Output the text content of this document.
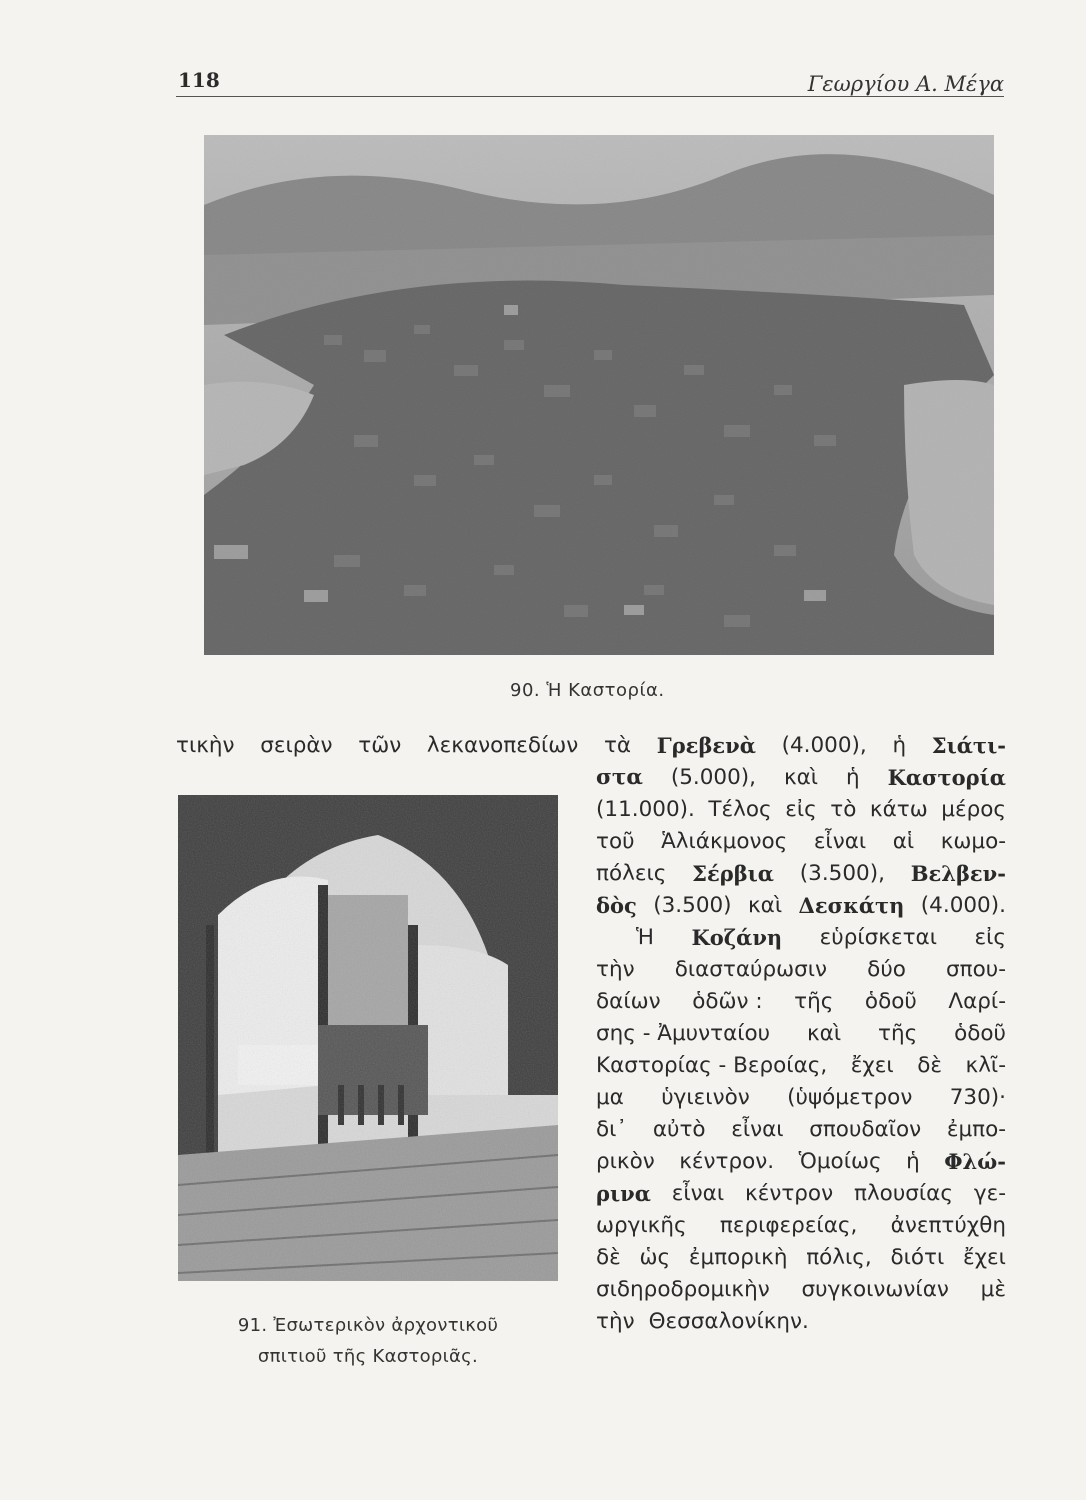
118	Γεωργίου Α. Μέγα
90. Ἡ Καστορία.
91. Ἐσωτερικὸν ἀρχοντικοῦ
σπιτιοῦ τῆς Καστοριᾶς.
τικὴν σειρὰν τῶν λεκανοπεδίων τὰ Γρεβενὰ (4.000), ἡ Σιάτι-
στα (5.000), καὶ ἡ Καστορία
(11.000). Τέλος εἰς τὸ κάτω μέρος
τοῦ Ἁλιάκμονος εἶναι αἱ κωμο-
πόλεις Σέρβια (3.500), Βελβεν-
δὸς (3.500) καὶ Δεσκάτη (4.000).
Ἡ Κοζάνη εὑρίσκεται εἰς
τὴν διασταύρωσιν δύο σπου-
δαίων ὁδῶν : τῆς ὁδοῦ Λαρί-
σης - Ἀμυνταίου καὶ τῆς ὁδοῦ
Καστορίας - Βεροίας, ἔχει δὲ κλῖ-
μα ὑγιεινὸν (ὑψόμετρον 730)·
δι᾽ αὐτὸ εἶναι σπουδαῖον ἐμπο-
ρικὸν κέντρον. Ὁμοίως ἡ Φλώ-
ρινα εἶναι κέντρον πλουσίας γε-
ωργικῆς περιφερείας, ἀνεπτύχθη
δὲ ὡς ἐμπορικὴ πόλις, διότι ἔχει
σιδηροδρομικὴν συγκοινωνίαν μὲ
τὴν Θεσσαλονίκην.
